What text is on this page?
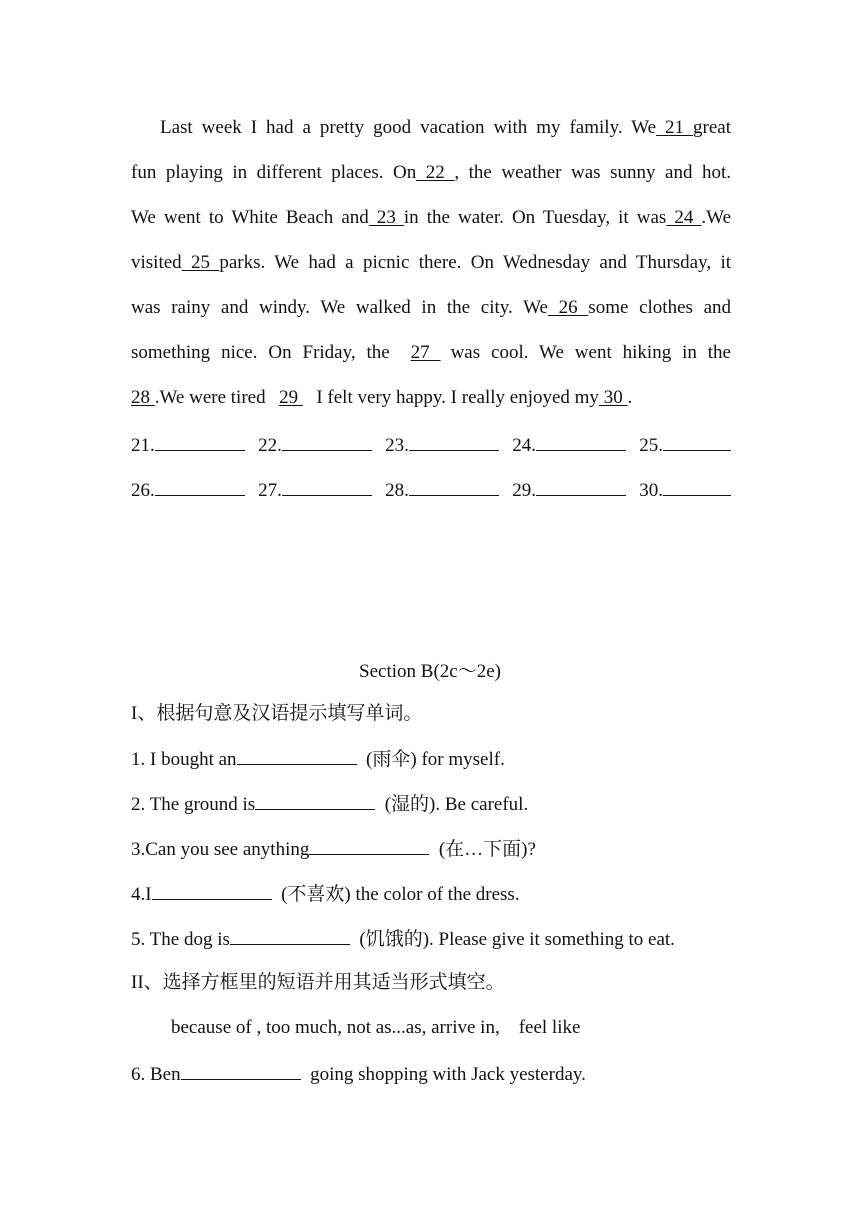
Last week I had a pretty good vacation with my family. We 21 great
fun playing in different places. On 22 , the weather was sunny and hot.
We went to White Beach and 23 in the water. On Tuesday, it was 24 .We
visited 25 parks. We had a picnic there. On Wednesday and Thursday, it
was rainy and windy. We walked in the city. We 26 some clothes and
something nice. On Friday, the 27 was cool. We went hiking in the
28 .We were tired  29   I felt very happy. I really enjoyed my 30 .
21.	22.	23.	24.	25.
26.	27.	28.	29.	30.
Section B(2c～2e)
I、根据句意及汉语提示填写单词。
1. I bought an	(雨伞) for myself.
2. The ground is	(湿的). Be careful.
3.Can you see anything	(在…下面)?
4.I	(不喜欢) the color of the dress.
5. The dog is	(饥饿的). Please give it something to eat.
II、选择方框里的短语并用其适当形式填空。
because of , too much, not as...as, arrive in,    feel like
6. Ben	going shopping with Jack yesterday.
